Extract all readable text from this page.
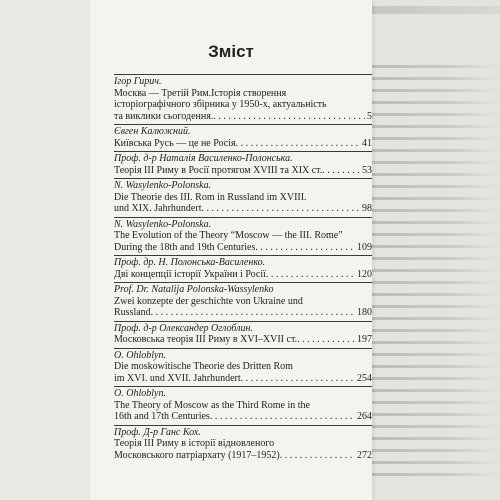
Зміст
Ігор Гирич.
Москва — Третій Рим.Історія створення
історіографічного збірника у 1950-х, актуальність
та виклики сьогодення. . . .	5
Євген Калюжний.
Київська Русь — це не Росія . . .	41
Проф. д-р Наталія Василенко-Полонська.
Теорія ІІІ Риму в Росії протягом XVIII та XIX ст. . . .	53
N. Wasylenko-Polonska.
Die Theorie des III. Rom in Russland im XVIII.
und XIX. Jahrhundert . . .	98
N. Wasylenko-Polonska.
The Evolution of the Theory “Moscow — the III. Rome”
During the 18th and 19th Centuries . . .	109
Проф. др. Н. Полонська-Василенко.
Дві концепції історії України і Росії . . .	120
Prof. Dr. Natalija Polonska-Wassylenko
Zwei konzepte der geschichte von Ukraine und
Russland . . .	180
Проф. д-р Олександер Оглоблин.
Московська теорія ІІІ Риму в XVI–XVII ст. . . .	197
O. Ohloblyn.
Die moskowitische Theorie des Dritten Rom
im XVI. und XVII. Jahrhundert . . .	254
O. Ohloblyn.
The Theory of Moscow as the Third Rome in the
16th and 17th Centuries . . .	264
Проф. Д-р Ганс Кох.
Теорія ІІІ Риму в історії відновленого
Московського патріархату (1917–1952) . . .	272
